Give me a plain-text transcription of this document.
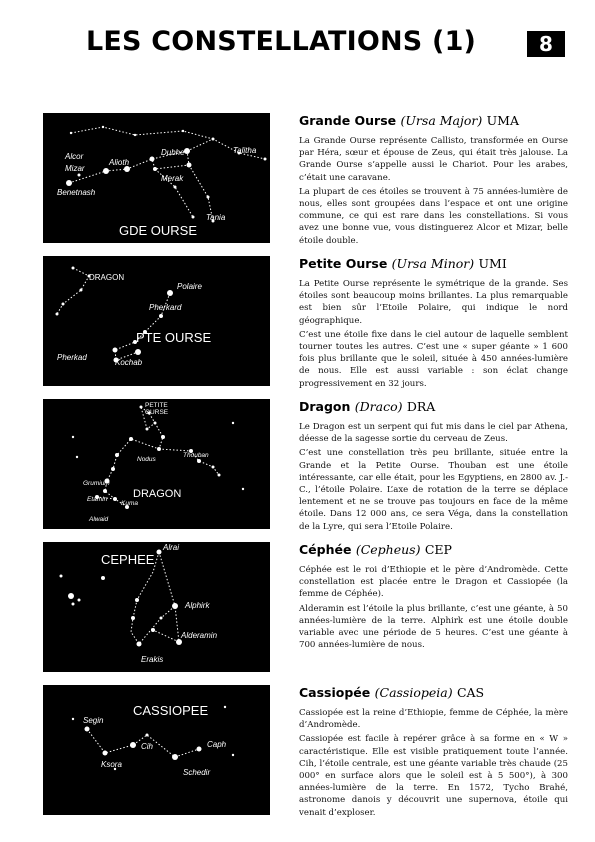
LES CONSTELLATIONS (1)	8
Alcor
Mizar
Benetnash
Alioth
Dubhe
Merak
Talitha
Tania
GDE OURSE
DRAGON
Polaire
Pherkard
Pherkad
Kochab
PTE OURSE
PETITE
OURSE
Nodus
Thouban
Grumium
Etamin
Kuma
Alwaid
DRAGON
Alrai
Alphirk
Alderamin
Erakis
CEPHEE
Segin
Ksora
Cih	Caph
Schedir
CASSIOPEE
Grande Ourse (Ursa Major) UMA

La Grande Ourse représente Callisto, transformée en Ourse par Héra, sœur et épouse de Zeus, qui était très jalouse. La Grande Ourse s’appelle aussi le Chariot. Pour les arabes, c’était une caravane.

La plupart de ces étoiles se trouvent à 75 années-lumière de nous, elles sont groupées dans l’espace et ont une origine commune, ce qui est rare dans les constellations. Si vous avez une bonne vue, vous distinguerez Alcor et Mizar, belle étoile double.

Petite Ourse (Ursa Minor) UMI

La Petite Ourse représente le symétrique de la grande. Ses étoiles sont beaucoup moins brillantes. La plus remarquable est bien sûr l’Etoile Polaire, qui indique le nord géographique.

C’est une étoile fixe dans le ciel autour de laquelle semblent tourner toutes les autres. C’est une « super géante » 1 600 fois plus brillante que le soleil, située à 450 années-lumière de nous. Elle est aussi variable : son éclat change progressivement en 32 jours.

Dragon (Draco) DRA

Le Dragon est un serpent qui fut mis dans le ciel par Athena, déesse de la sagesse sortie du cerveau de Zeus.

C’est une constellation très peu brillante, située entre la Grande et la Petite Ourse. Thouban est une étoile intéressante, car elle était, pour les Egyptiens, en 2800 av. J.-C., l’étoile Polaire. L’axe de rotation de la terre se déplace lentement et ne se trouve pas toujours en face de la même étoile. Dans 12 000 ans, ce sera Véga, dans la constellation de la Lyre, qui sera l’Etoile Polaire.

Céphée (Cepheus) CEP

Céphée est le roi d’Ethiopie et le père d’Andromède. Cette constellation est placée entre le Dragon et Cassiopée (la femme de Céphée).

Alderamin est l’étoile la plus brillante, c’est une géante, à 50 années-lumière de la terre. Alphirk est une étoile double variable avec une période de 5 heures. C’est une géante à 700 années-lumière de nous.

Cassiopée (Cassiopeia) CAS

Cassiopée est la reine d’Ethiopie, femme de Céphée, la mère d’Andromède.

Cassiopée est facile à repérer grâce à sa forme en « W » caractéristique. Elle est visible pratiquement toute l’année. Cih, l’étoile centrale, est une géante variable très chaude (25 000° en surface alors que le soleil est à 5 500°), à 300 années-lumière de la terre. En 1572, Tycho Brahé, astronome danois y découvrit une supernova, étoile qui venait d’exploser.
